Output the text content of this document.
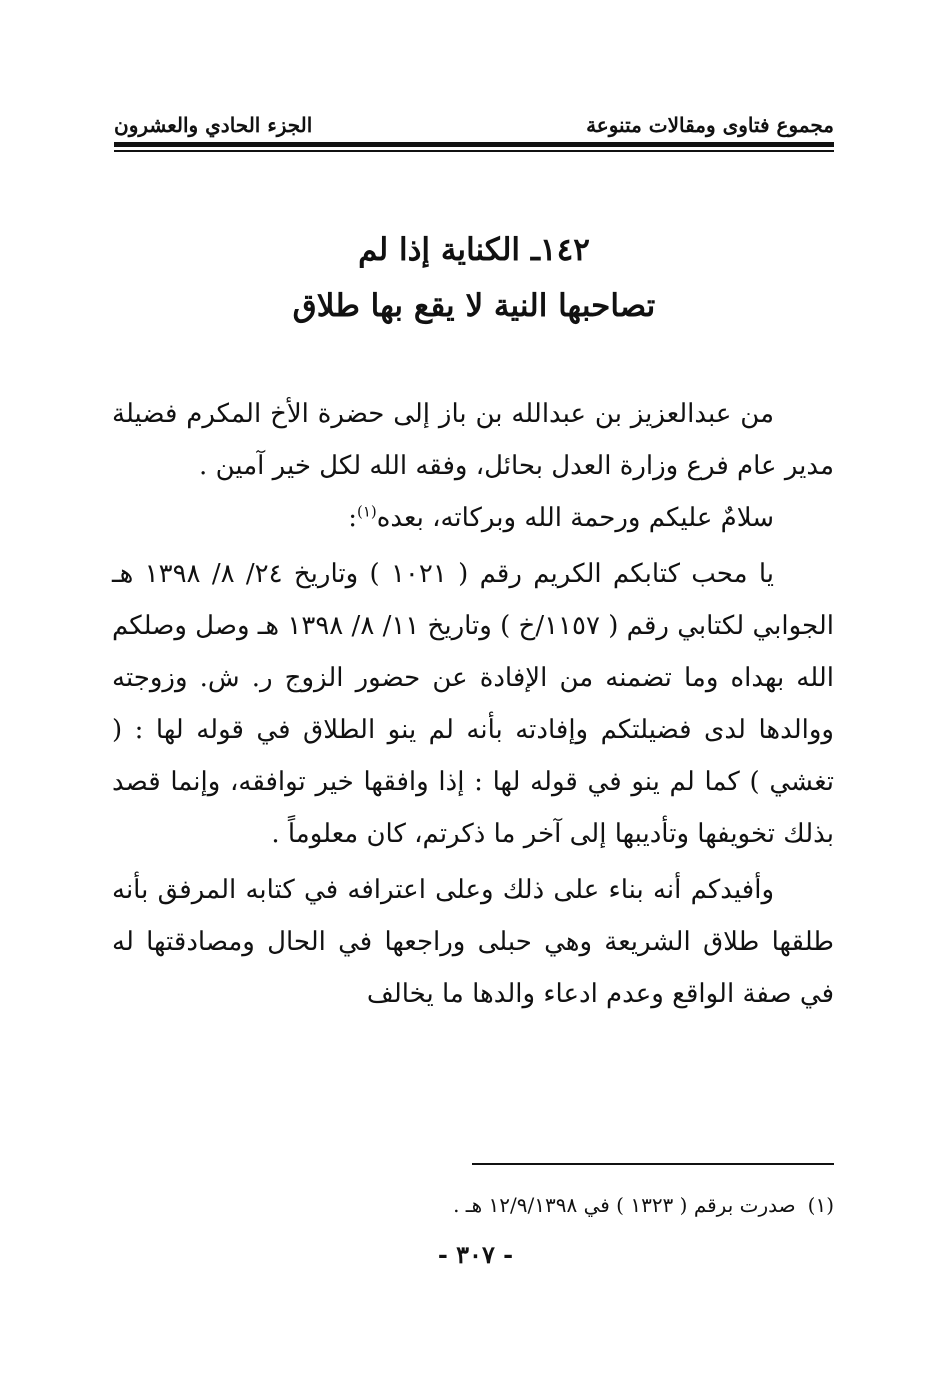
مجموع فتاوى ومقالات متنوعة
الجزء الحادي والعشرون
١٤٢ـ الكناية إذا لم
تصاحبها النية لا يقع بها طلاق

من عبدالعزيز بن عبدالله بن باز إلى حضرة الأخ المكرم فضيلة مدير عام فرع وزارة العدل بحائل، وفقه الله لكل خير آمين .

سلامٌ عليكم ورحمة الله وبركاته، بعده$^{(١)}$:

يا محب كتابكم الكريم رقم ( ١٠٢١ ) وتاريخ ٢٤/ ٨/ ١٣٩٨ هـ الجوابي لكتابي رقم ( ١١٥٧/خ ) وتاريخ ١١/ ٨/ ١٣٩٨ هـ وصل وصلكم الله بهداه وما تضمنه من الإفادة عن حضور الزوج ر. ش. وزوجته ووالدها لدى فضيلتكم وإفادته بأنه لم ينو الطلاق في قوله لها : ( تغشي ) كما لم ينو في قوله لها : إذا وافقها خير توافقه، وإنما قصد بذلك تخويفها وتأديبها إلى آخر ما ذكرتم، كان معلوماً .

وأفيدكم أنه بناء على ذلك وعلى اعترافه في كتابه المرفق بأنه طلقها طلاق الشريعة وهي حبلى وراجعها في الحال ومصادقتها له في صفة الواقع وعدم ادعاء والدها ما يخالف

(١)صدرت برقم ( ١٣٢٣ ) في ١٢/٩/١٣٩٨ هـ .
- ٣٠٧ -
